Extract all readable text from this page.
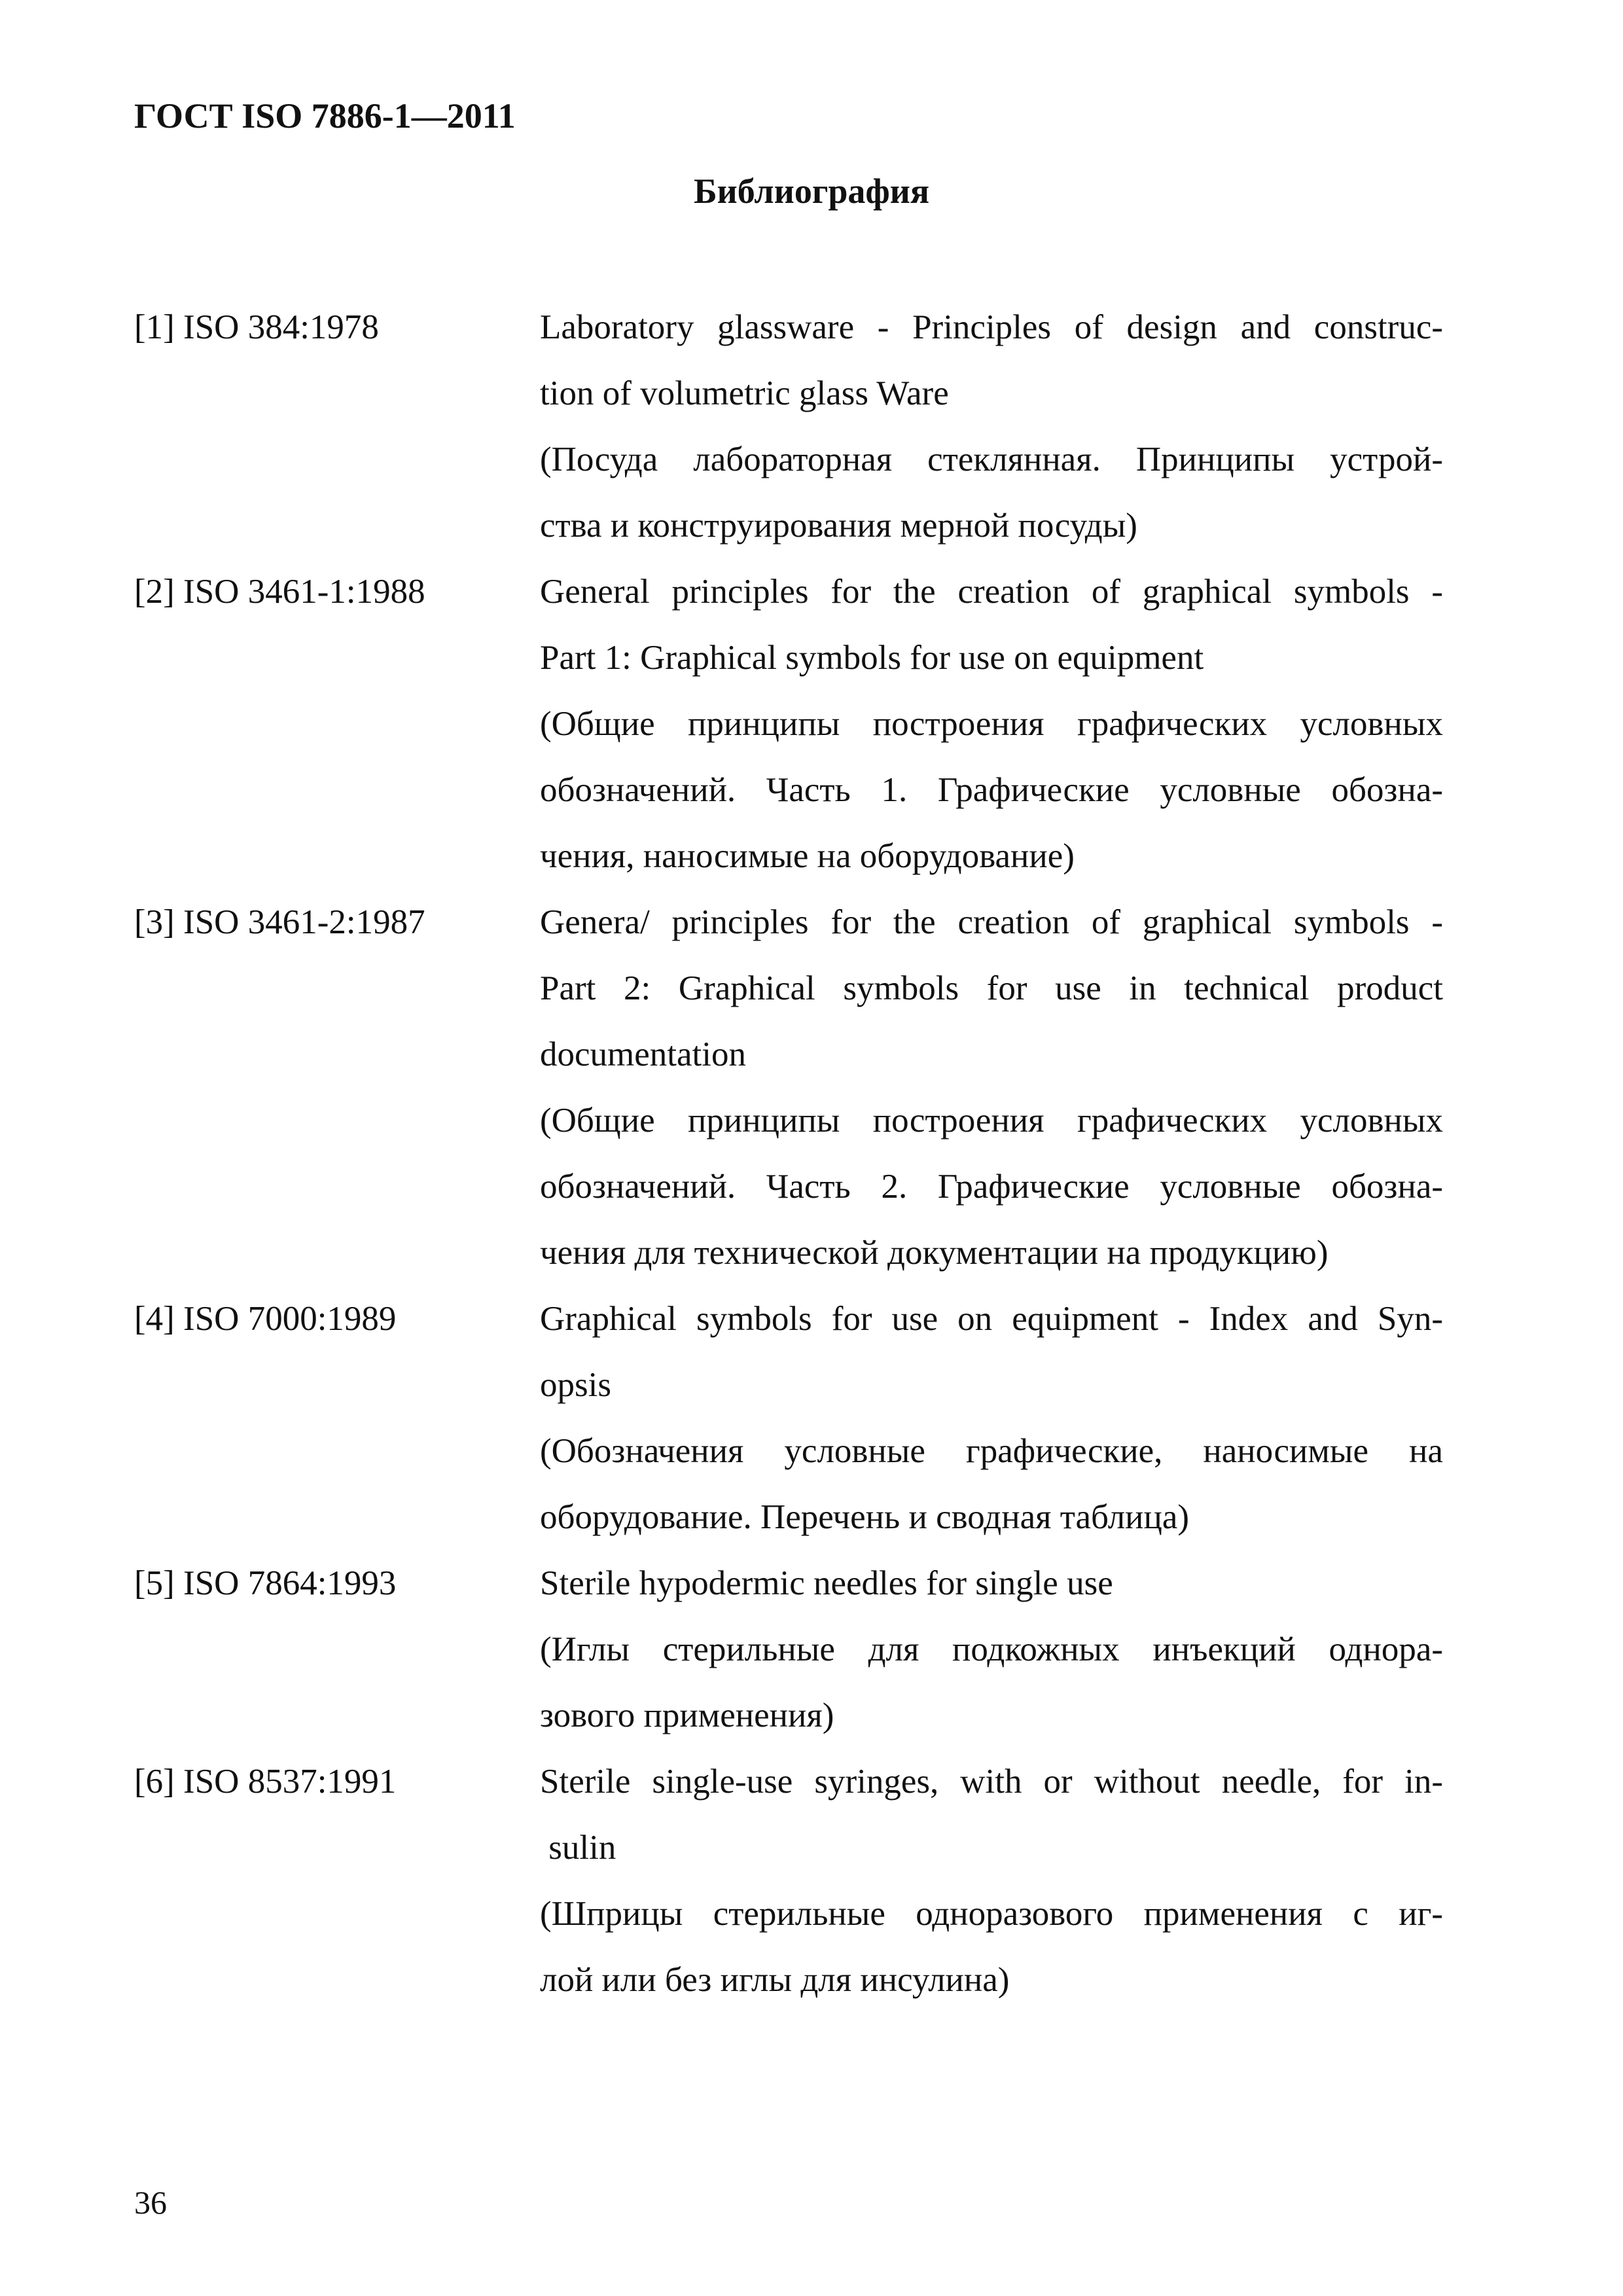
ГОСТ ISO 7886-1—2011
Библиография
[1] ISO 384:1978	Laboratory glassware - Principles of design and construc-
tion of volumetric glass Ware
(Посуда лабораторная стеклянная. Принципы устрой-
ства и конструирования мерной посуды)
[2] ISO 3461-1:1988	General principles for the creation of graphical symbols -
Part 1: Graphical symbols for use on equipment
(Общие принципы построения графических условных
обозначений. Часть 1. Графические условные обозна-
чения, наносимые на оборудование)
[3] ISO 3461-2:1987	Genera/ principles for the creation of graphical symbols -
Part 2: Graphical symbols for use in technical product
documentation
(Общие принципы построения графических условных
обозначений. Часть 2. Графические условные обозна-
чения для технической документации на продукцию)
[4] ISO 7000:1989	Graphical symbols for use on equipment - Index and Syn-
opsis
(Обозначения условные графические, наносимые на
оборудование. Перечень и сводная таблица)
[5] ISO 7864:1993	Sterile hypodermic needles for single use
(Иглы стерильные для подкожных инъекций однора-
зового применения)
[6] ISO 8537:1991	Sterile single-use syringes, with or without needle, for in-
sulin
(Шприцы стерильные одноразового применения с иг-
лой или без иглы для инсулина)
36
